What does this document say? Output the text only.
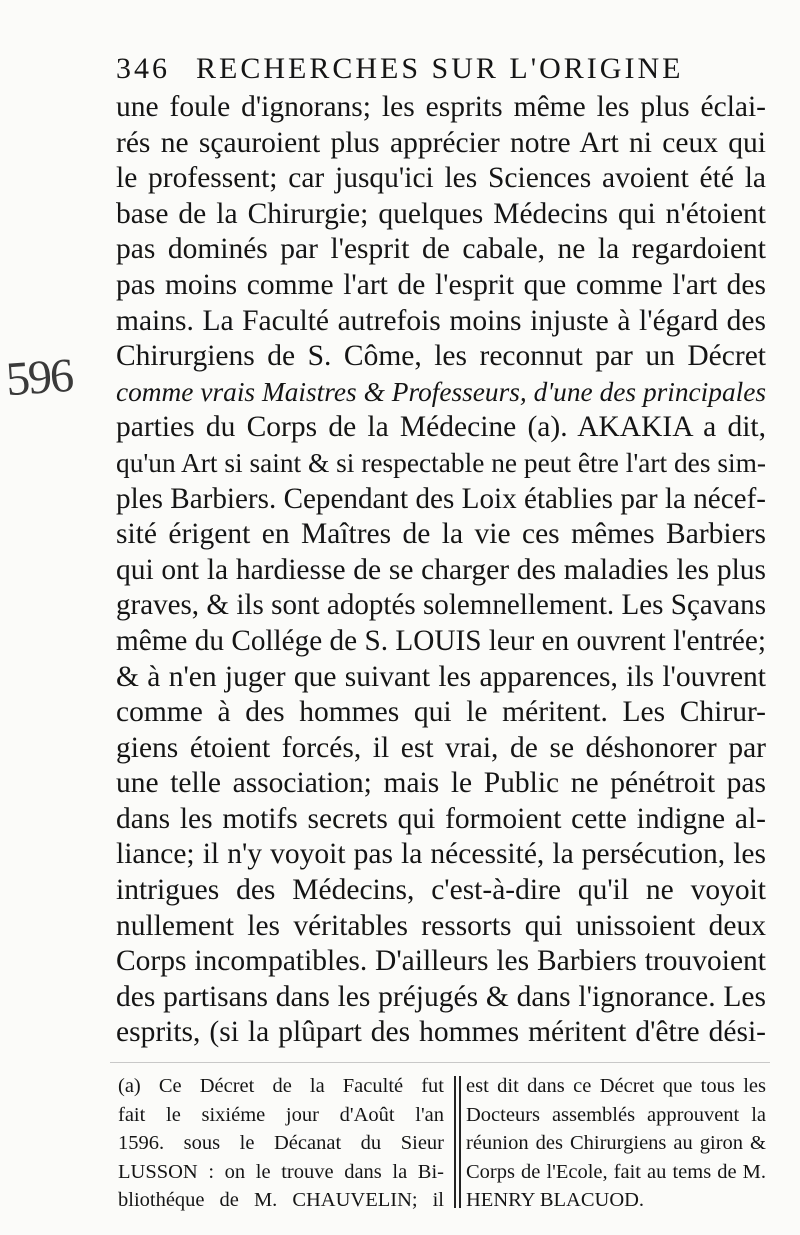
596
346 RECHERCHES SUR L'ORIGINE
une foule d'ignorans; les esprits même les plus éclai-
rés ne sçauroient plus apprécier notre Art ni ceux qui
le professent; car jusqu'ici les Sciences avoient été la
base de la Chirurgie; quelques Médecins qui n'étoient
pas dominés par l'esprit de cabale, ne la regardoient
pas moins comme l'art de l'esprit que comme l'art des
mains. La Faculté autrefois moins injuste à l'égard des
Chirurgiens de S. Côme, les reconnut par un Décret
comme vrais Maistres & Professeurs, d'une des principales
parties du Corps de la Médecine (a). AKAKIA a dit,
qu'un Art si saint & si respectable ne peut être l'art des sim-
ples Barbiers. Cependant des Loix établies par la nécef-
sité érigent en Maîtres de la vie ces mêmes Barbiers
qui ont la hardiesse de se charger des maladies les plus
graves, & ils sont adoptés solemnellement. Les Sçavans
même du Collége de S. LOUIS leur en ouvrent l'entrée;
& à n'en juger que suivant les apparences, ils l'ouvrent
comme à des hommes qui le méritent. Les Chirur-
giens étoient forcés, il est vrai, de se déshonorer par
une telle association; mais le Public ne pénétroit pas
dans les motifs secrets qui formoient cette indigne al-
liance; il n'y voyoit pas la nécessité, la persécution, les
intrigues des Médecins, c'est-à-dire qu'il ne voyoit
nullement les véritables ressorts qui unissoient deux
Corps incompatibles. D'ailleurs les Barbiers trouvoient
des partisans dans les préjugés & dans l'ignorance. Les
esprits, (si la plûpart des hommes méritent d'être dési-
(a) Ce Décret de la Faculté fut
fait le sixiéme jour d'Août l'an
1596. sous le Décanat du Sieur
LUSSON : on le trouve dans la Bi-
bliothéque de M. CHAUVELIN; il
est dit dans ce Décret que tous les
Docteurs assemblés approuvent la
réunion des Chirurgiens au giron &
Corps de l'Ecole, fait au tems de M.
HENRY BLACUOD.
